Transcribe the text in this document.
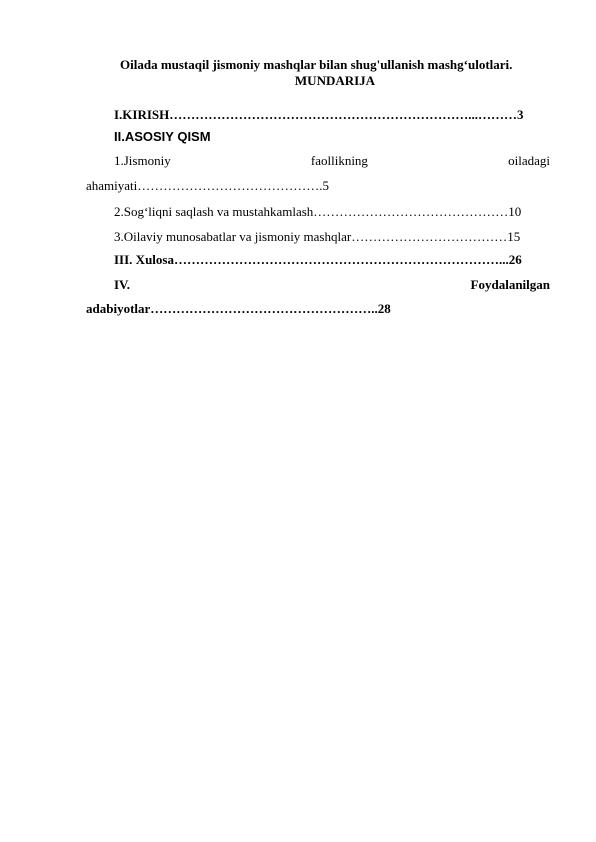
Oilada mustaqil jismoniy mashqlar bilan shug'ullanish mashg‘ulotlari.
MUNDARIJA
I.KIRISH……………………………………………………………...………3
II.ASOSIY QISM
1.Jismoniy	faollikning	oiladagi
ahamiyati…………………………………….5
2.Sog‘liqni saqlash va mustahkamlash………………………………………10
3.Oilaviy munosabatlar va jismoniy mashqlar………………………………15
III. Xulosa…………………………………………………………………...26
IV.	Foydalanilgan
adabiyotlar……………………………………………..28
